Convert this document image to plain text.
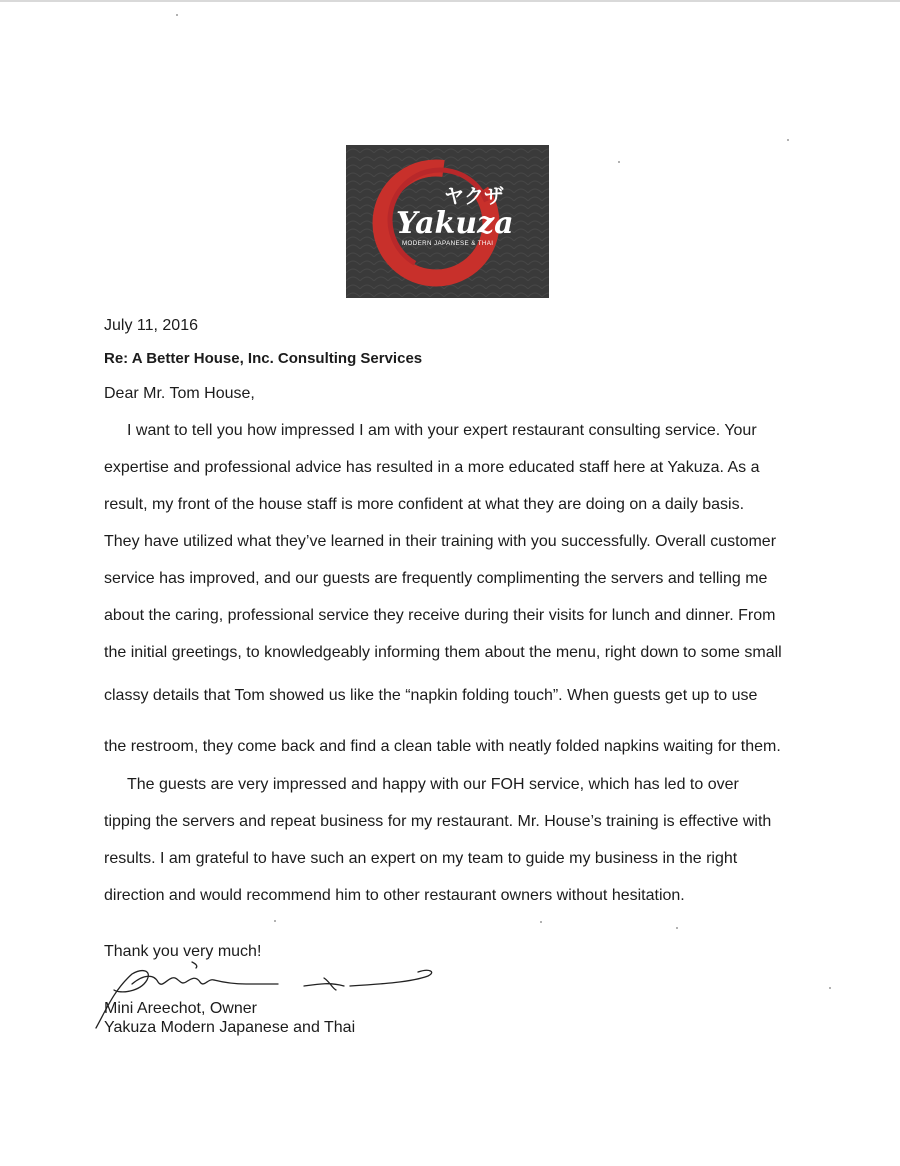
ヤクザ
Yakuza
MODERN JAPANESE & THAI
July 11, 2016
Re: A Better House, Inc. Consulting Services
Dear Mr. Tom House,
I want to tell you how impressed I am with your expert restaurant consulting service. Your
expertise and professional advice has resulted in a more educated staff here at Yakuza. As a
result, my front of the house staff is more confident at what they are doing on a daily basis.
They have utilized what they’ve learned in their training with you successfully. Overall customer
service has improved, and our guests are frequently complimenting the servers and telling me
about the caring, professional service they receive during their visits for lunch and dinner. From
the initial greetings, to knowledgeably informing them about the menu, right down to some small
classy details that Tom showed us like the “napkin folding touch”. When guests get up to use
the restroom, they come back and find a clean table with neatly folded napkins waiting for them.
The guests are very impressed and happy with our FOH service, which has led to over
tipping the servers and repeat business for my restaurant. Mr. House’s training is effective with
results. I am grateful to have such an expert on my team to guide my business in the right
direction and would recommend him to other restaurant owners without hesitation.
Thank you very much!
Mini Areechot, Owner
Yakuza Modern Japanese and Thai
